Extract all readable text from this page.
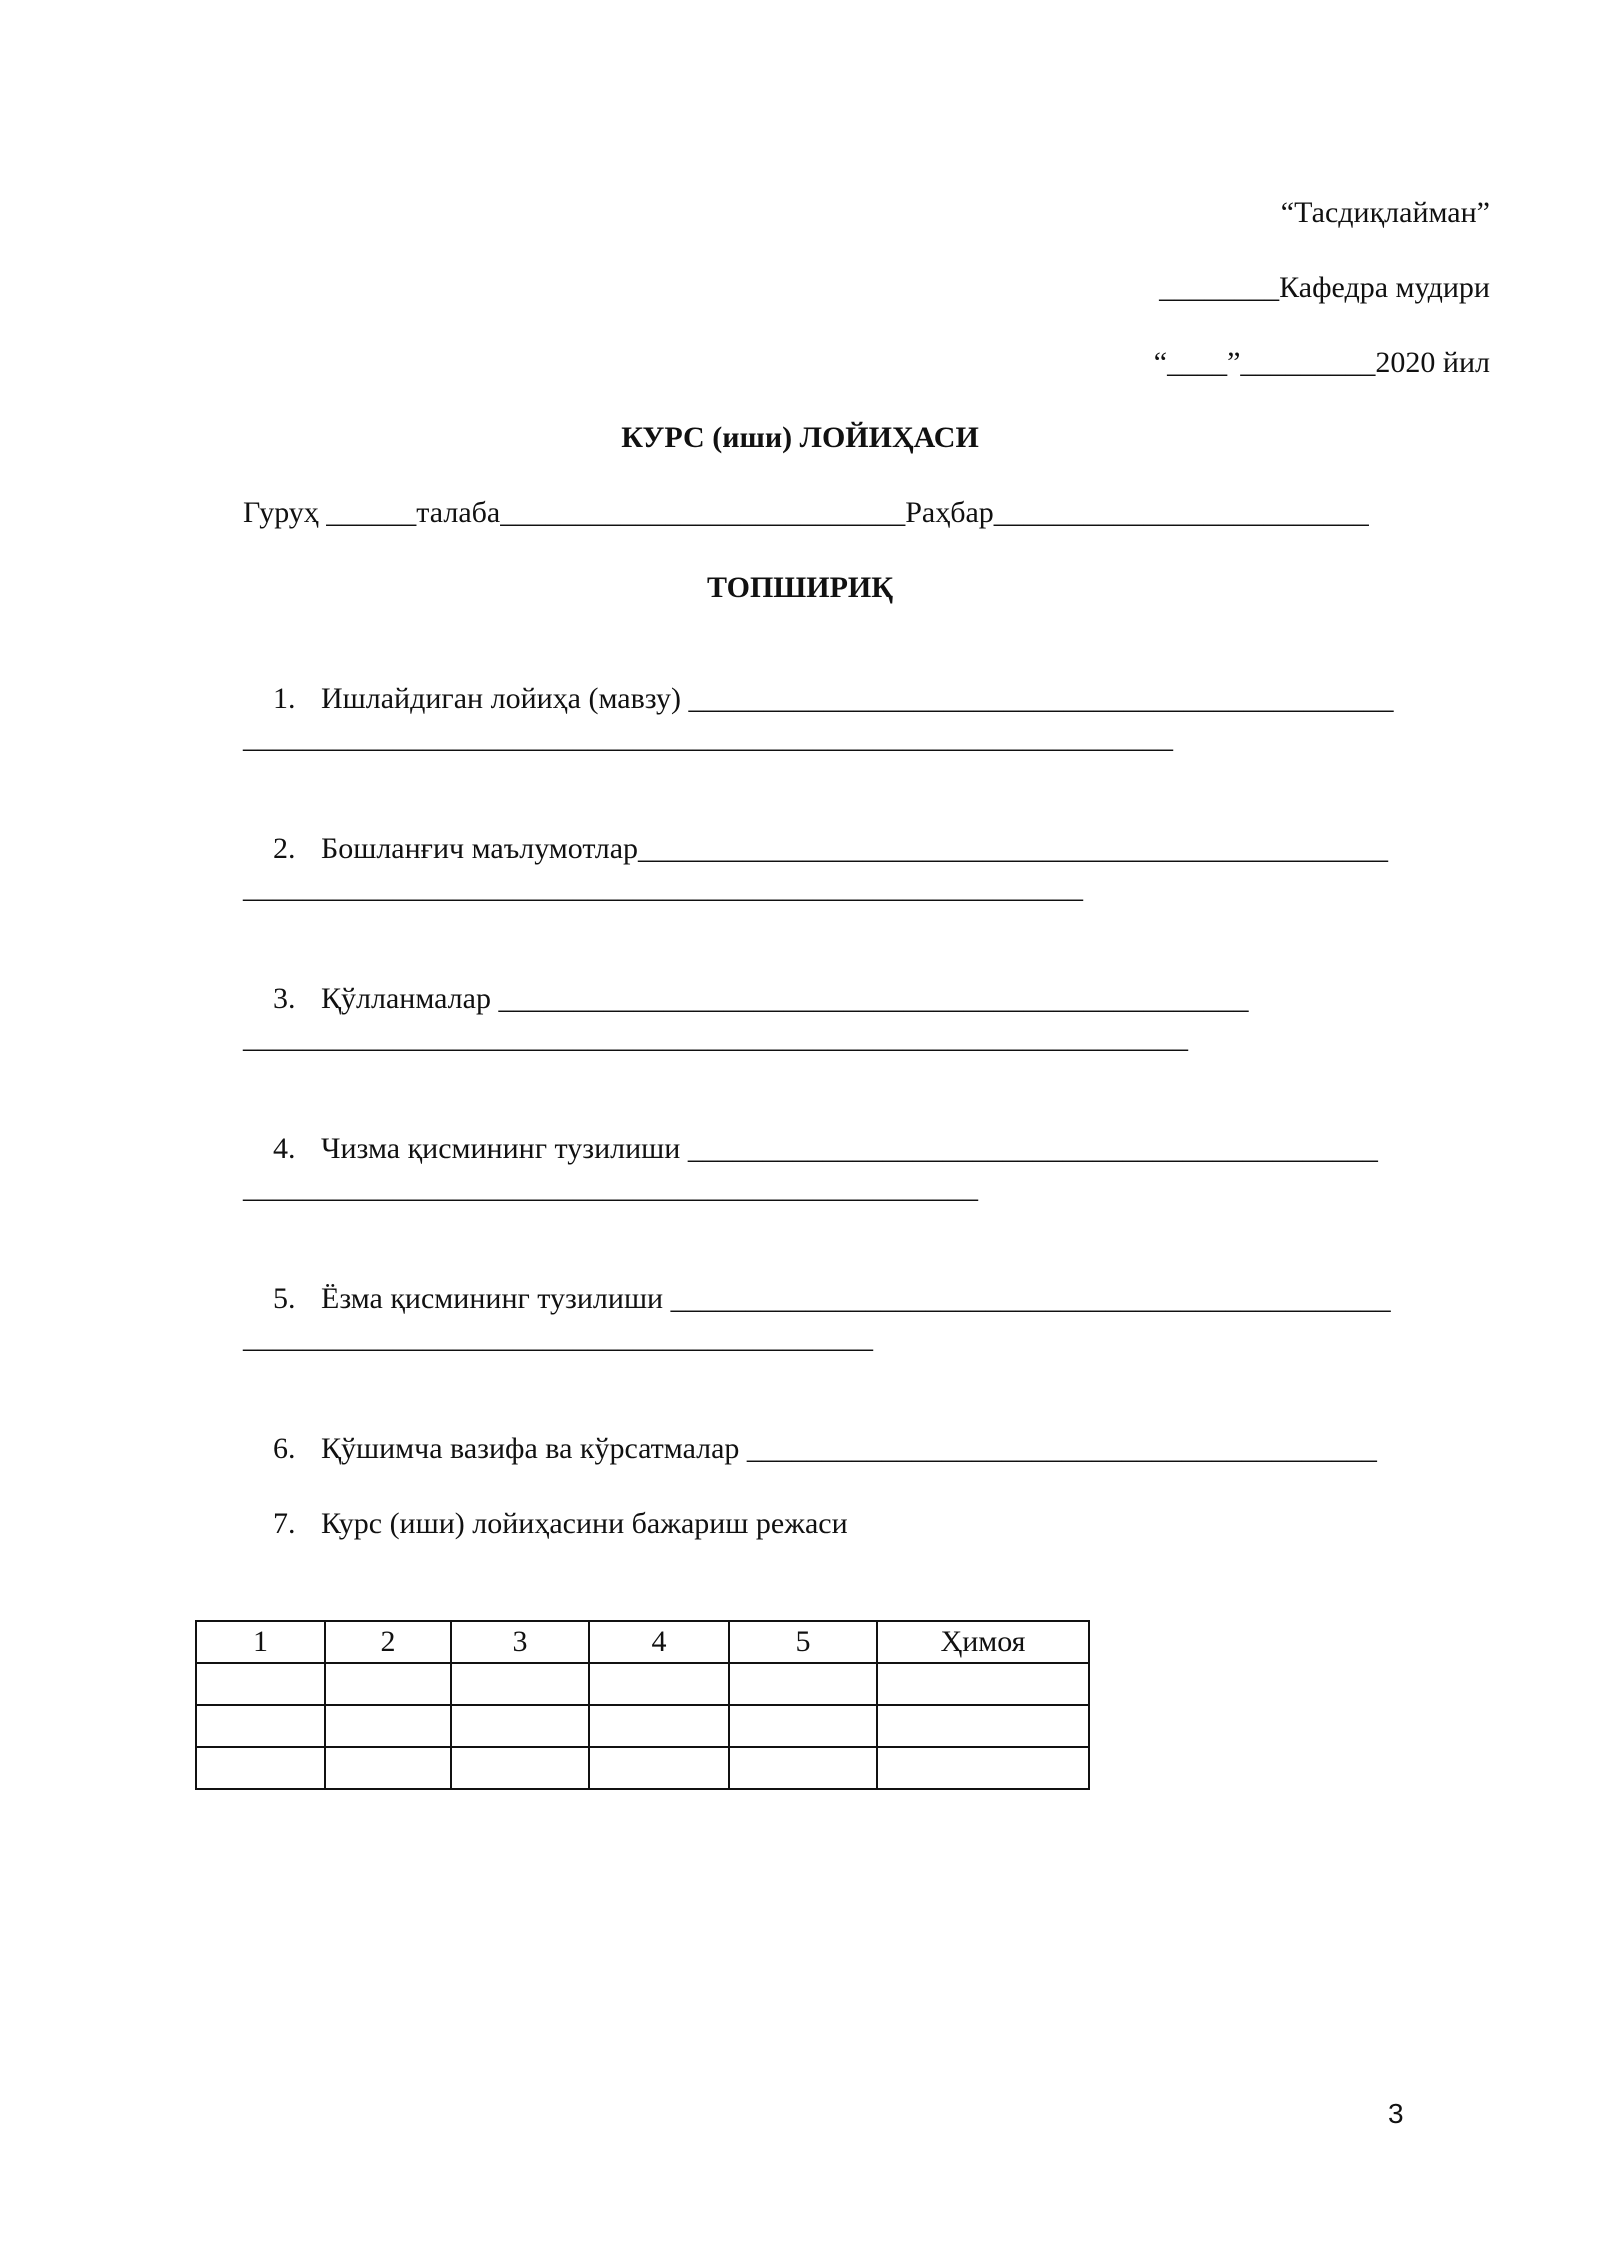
“Тасдиқлайман”
________Кафедра мудири
“____”_________2020 йил
КУРС (иши) ЛОЙИҲАСИ
Гуруҳ ______талаба___________________________Раҳбар_________________________
ТОПШИРИҚ

1. Ишлайдиган лойиҳа (мавзу) _______________________________________________

______________________________________________________________

2. Бошланғич маълумотлар__________________________________________________

________________________________________________________

3. Қўлланмалар __________________________________________________

_______________________________________________________________

4. Чизма қисмининг тузилиши ______________________________________________

_________________________________________________

5. Ёзма қисмининг тузилиши ________________________________________________

__________________________________________

6. Қўшимча вазифа ва кўрсатмалар __________________________________________

7. Курс (иши) лойиҳасини бажариш режаси

1	2	3	4	5	Ҳимоя

3
